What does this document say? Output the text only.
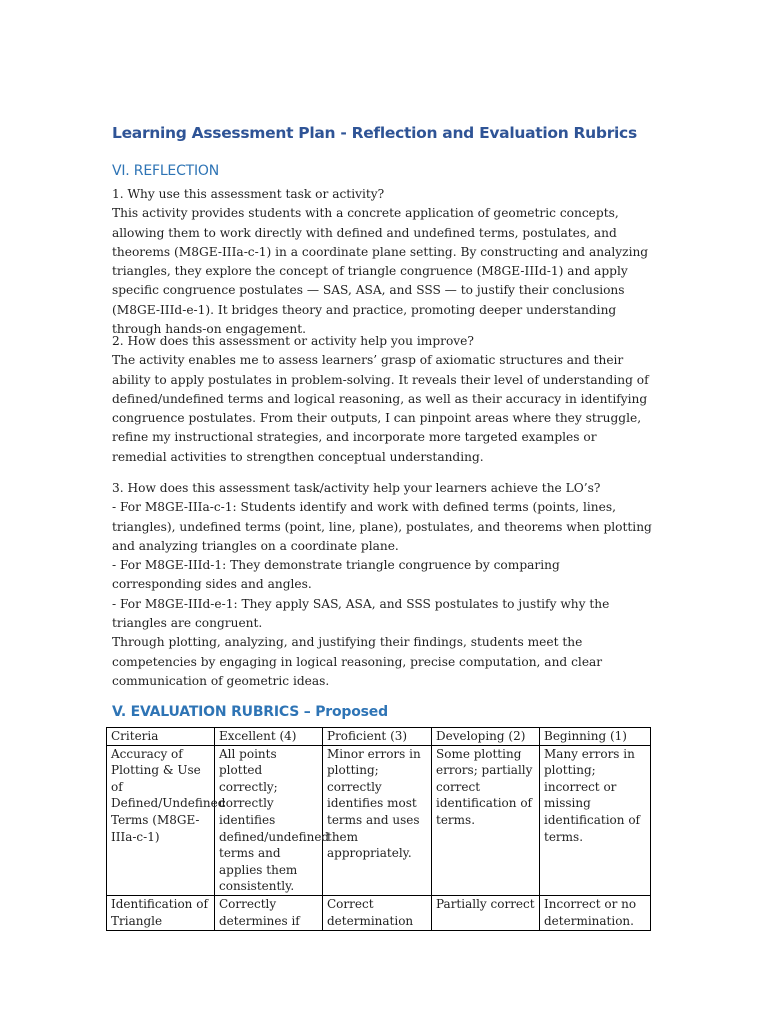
Learning Assessment Plan - Reflection and Evaluation Rubrics
VI. REFLECTION

1. Why use this assessment task or activity?

This activity provides students with a concrete application of geometric concepts, allowing them to work directly with defined and undefined terms, postulates, and theorems (M8GE-IIIa-c-1) in a coordinate plane setting. By constructing and analyzing triangles, they explore the concept of triangle congruence (M8GE-IIId-1) and apply specific congruence postulates — SAS, ASA, and SSS — to justify their conclusions (M8GE-IIId-e-1). It bridges theory and practice, promoting deeper understanding through hands-on engagement.

2. How does this assessment or activity help you improve?

The activity enables me to assess learners’ grasp of axiomatic structures and their ability to apply postulates in problem-solving. It reveals their level of understanding of defined/undefined terms and logical reasoning, as well as their accuracy in identifying congruence postulates. From their outputs, I can pinpoint areas where they struggle, refine my instructional strategies, and incorporate more targeted examples or remedial activities to strengthen conceptual understanding.

3. How does this assessment task/activity help your learners achieve the LO’s?

- For M8GE-IIIa-c-1: Students identify and work with defined terms (points, lines, triangles), undefined terms (point, line, plane), postulates, and theorems when plotting and analyzing triangles on a coordinate plane.

- For M8GE-IIId-1: They demonstrate triangle congruence by comparing corresponding sides and angles.

- For M8GE-IIId-e-1: They apply SAS, ASA, and SSS postulates to justify why the triangles are congruent.

Through plotting, analyzing, and justifying their findings, students meet the competencies by engaging in logical reasoning, precise computation, and clear communication of geometric ideas.

V. EVALUATION RUBRICS – Proposed
Criteria	Excellent (4)	Proficient (3)	Developing (2)	Beginning (1)
Accuracy of Plotting & Use of Defined/Undefined Terms (M8GE-IIIa-c-1)	All points plotted correctly; correctly identifies defined/undefined terms and applies them consistently.	Minor errors in plotting; correctly identifies most terms and uses them appropriately.	Some plotting errors; partially correct identification of terms.	Many errors in plotting; incorrect or missing identification of terms.

Identification of Triangle	Correctly determines if	Correct determination	Partially correct	Incorrect or no determination.
